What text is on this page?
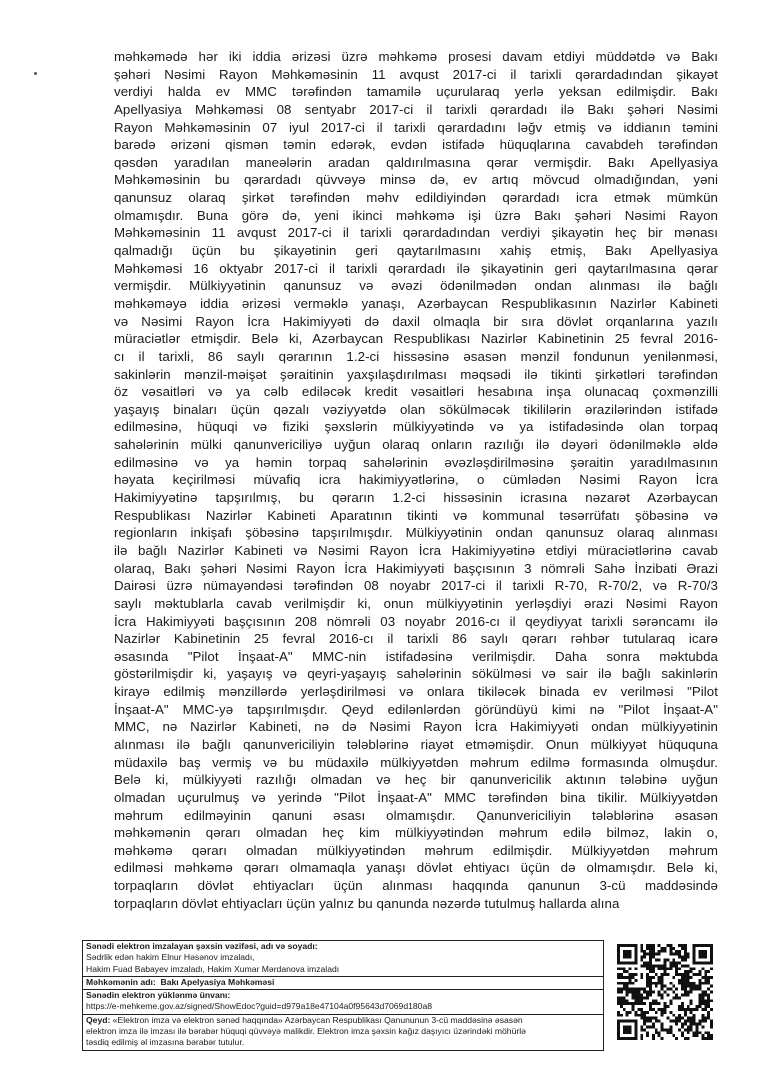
məhkəmədə hər iki iddia ərizəsi üzrə məhkəmə prosesi davam etdiyi müddətdə və Bakı
şəhəri Nəsimi Rayon Məhkəməsinin 11 avqust 2017-ci il tarixli qərardadından şikayət
verdiyi halda ev MMC tərəfindən tamamilə uçurularaq yerlə yeksan edilmişdir. Bakı
Apellyasiya Məhkəməsi 08 sentyabr 2017-ci il tarixli qərardadı ilə Bakı şəhəri Nəsimi
Rayon Məhkəməsinin 07 iyul 2017-ci il tarixli qərardadını ləğv etmiş və iddianın təmini
barədə ərizəni qismən təmin edərək, evdən istifadə hüquqlarına cavabdeh tərəfindən
qəsdən yaradılan maneələrin aradan qaldırılmasına qərar vermişdir. Bakı Apellyasiya
Məhkəməsinin bu qərardadı qüvvəyə minsə də, ev artıq mövcud olmadığından, yəni
qanunsuz olaraq şirkət tərəfindən məhv edildiyindən qərardadı icra etmək mümkün
olmamışdır. Buna görə də, yeni ikinci məhkəmə işi üzrə Bakı şəhəri Nəsimi Rayon
Məhkəməsinin 11 avqust 2017-ci il tarixli qərardadından verdiyi şikayətin heç bir mənası
qalmadığı üçün bu şikayətinin geri qaytarılmasını xahiş etmiş, Bakı Apellyasiya
Məhkəməsi 16 oktyabr 2017-ci il tarixli qərardadı ilə şikayətinin geri qaytarılmasına qərar
vermişdir. Mülkiyyətinin qanunsuz və əvəzi ödənilmədən ondan alınması ilə bağlı
məhkəməyə iddia ərizəsi verməklə yanaşı, Azərbaycan Respublikasının Nazirlər Kabineti
və Nəsimi Rayon İcra Hakimiyyəti də daxil olmaqla bir sıra dövlət orqanlarına yazılı
müraciətlər etmişdir. Belə ki, Azərbaycan Respublikası Nazirlər Kabinetinin 25 fevral 2016-
cı il tarixli, 86 saylı qərarının 1.2-ci hissəsinə əsasən mənzil fondunun yenilənməsi,
sakinlərin mənzil-məişət şəraitinin yaxşılaşdırılması məqsədi ilə tikinti şirkətləri tərəfindən
öz vəsaitləri və ya cəlb ediləcək kredit vəsaitləri hesabına inşa olunacaq çoxmənzilli
yaşayış binaları üçün qəzalı vəziyyətdə olan sökülməcək tikililərin ərazilərindən istifadə
edilməsinə, hüquqi və fiziki şəxslərin mülkiyyətində və ya istifadəsində olan torpaq
sahələrinin mülki qanunvericiliyə uyğun olaraq onların razılığı ilə dəyəri ödənilməklə əldə
edilməsinə və ya həmin torpaq sahələrinin əvəzləşdirilməsinə şəraitin yaradılmasının
həyata keçirilməsi müvafiq icra hakimiyyətlərinə, o cümlədən Nəsimi Rayon İcra
Hakimiyyətinə tapşırılmış, bu qərarın 1.2-ci hissəsinin icrasına nəzarət Azərbaycan
Respublikası Nazirlər Kabineti Aparatının tikinti və kommunal təsərrüfatı şöbəsinə və
regionların inkişafı şöbəsinə tapşırılmışdır. Mülkiyyətinin ondan qanunsuz olaraq alınması
ilə bağlı Nazirlər Kabineti və Nəsimi Rayon İcra Hakimiyyətinə etdiyi müraciətlərinə cavab
olaraq, Bakı şəhəri Nəsimi Rayon İcra Hakimiyyəti başçısının 3 nömrəli Sahə İnzibati Ərazi
Dairəsi üzrə nümayəndəsi tərəfindən 08 noyabr 2017-ci il tarixli R-70, R-70/2, və R-70/3
saylı məktublarla cavab verilmişdir ki, onun mülkiyyətinin yerləşdiyi ərazi Nəsimi Rayon
İcra Hakimiyyəti başçısının 208 nömrəli 03 noyabr 2016-cı il qeydiyyat tarixli sərəncamı ilə
Nazirlər Kabinetinin 25 fevral 2016-cı il tarixli 86 saylı qərarı rəhbər tutularaq icarə
əsasında "Pilot İnşaat-A" MMC-nin istifadəsinə verilmişdir. Daha sonra məktubda
göstərilmişdir ki, yaşayış və qeyri-yaşayış sahələrinin sökülməsi və sair ilə bağlı sakinlərin
kirayə edilmiş mənzillərdə yerləşdirilməsi və onlara tikiləcək binada ev verilməsi "Pilot
İnşaat-A" MMC-yə tapşırılmışdır. Qeyd edilənlərdən göründüyü kimi nə "Pilot İnşaat-A"
MMC, nə Nazirlər Kabineti, nə də Nəsimi Rayon İcra Hakimiyyəti ondan mülkiyyətinin
alınması ilə bağlı qanunvericiliyin tələblərinə riayət etməmişdir. Onun mülkiyyət hüququna
müdaxilə baş vermiş və bu müdaxilə mülkiyyətdən məhrum edilmə formasında olmuşdur.
Belə ki, mülkiyyəti razılığı olmadan və heç bir qanunvericilik aktının tələbinə uyğun
olmadan uçurulmuş və yerində "Pilot İnşaat-A" MMC tərəfindən bina tikilir. Mülkiyyətdən
məhrum edilməyinin qanuni əsası olmamışdır. Qanunvericiliyin tələblərinə əsasən
məhkəmənin qərarı olmadan heç kim mülkiyyətindən məhrum edilə bilməz, lakin o,
məhkəmə qərarı olmadan mülkiyyətindən məhrum edilmişdir. Mülkiyyətdən məhrum
edilməsi məhkəmə qərarı olmamaqla yanaşı dövlət ehtiyacı üçün də olmamışdır. Belə ki,
torpaqların dövlət ehtiyacları üçün alınması haqqında qanunun 3-cü maddəsində
torpaqların dövlət ehtiyacları üçün yalnız bu qanunda nəzərdə tutulmuş hallarda alına
Sənədi elektron imzalayan şəxsin vəzifəsi, adı və soyadı:
Sədrlik edən hakim Elnur Həsənov imzaladı,
Hakim Fuad Babayev imzaladı, Hakim Xumar Mərdanova imzaladı
Məhkəmənin adı: Bakı Apelyasiya Məhkəməsi
Sənədin elektron yüklənmə ünvanı:
https://e-mehkeme.gov.az/signed/ShowEdoc?guid=d979a18e47104a0f95643d7069d180a8
Qeyd: «Elektron imza və elektron sənəd haqqında» Azərbaycan Respublikası Qanununun 3-cü maddəsinə əsasən
elektron imza ilə imzası ilə bərabər hüquqi qüvvəyə malikdir. Elektron imza şəxsin kağız daşıyıcı üzərindəki möhürlə
təsdiq edilmiş əl imzasına bərabər tutulur.
